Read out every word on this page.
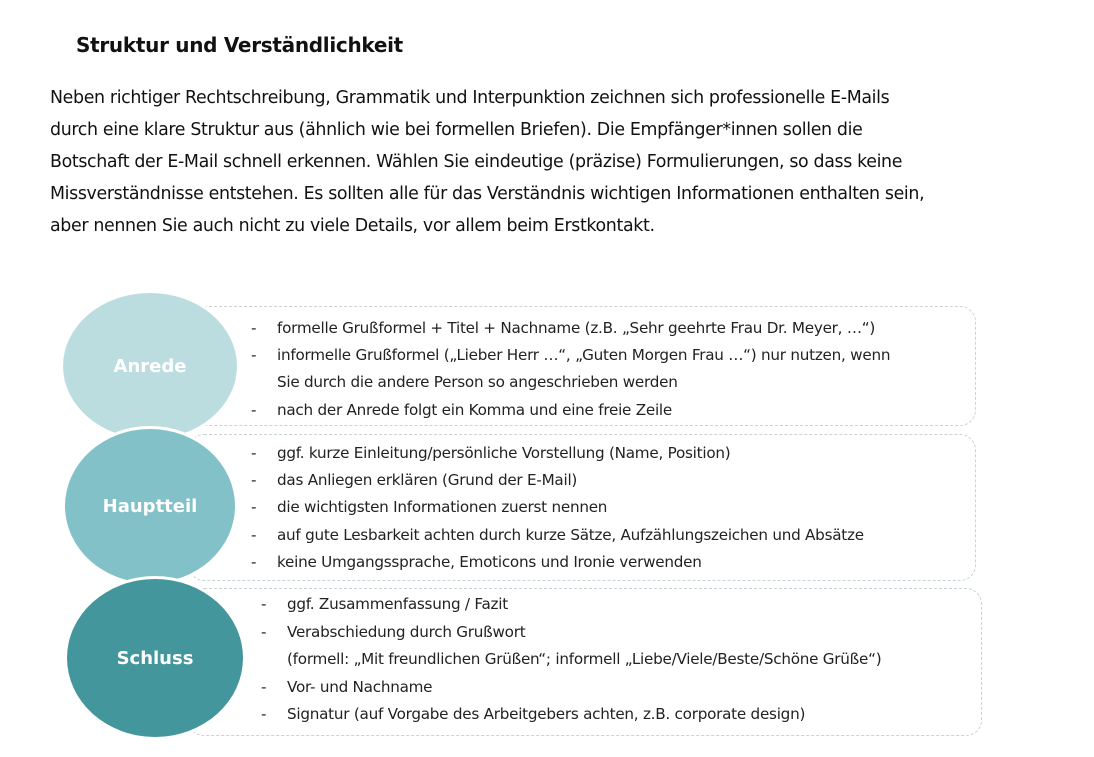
Struktur und Verständlichkeit
Neben richtiger Rechtschreibung, Grammatik und Interpunktion zeichnen sich professionelle E-Mails
durch eine klare Struktur aus (ähnlich wie bei formellen Briefen). Die Empfänger*innen sollen die
Botschaft der E-Mail schnell erkennen. Wählen Sie eindeutige (präzise) Formulierungen, so dass keine
Missverständnisse entstehen. Es sollten alle für das Verständnis wichtigen Informationen enthalten sein,
aber nennen Sie auch nicht zu viele Details, vor allem beim Erstkontakt.
- formelle Grußformel + Titel + Nachname (z.B. „Sehr geehrte Frau Dr. Meyer, …“)
- informelle Grußformel („Lieber Herr …“, „Guten Morgen Frau …“) nur nutzen, wenn
Sie durch die andere Person so angeschrieben werden
- nach der Anrede folgt ein Komma und eine freie Zeile
- ggf. kurze Einleitung/persönliche Vorstellung (Name, Position)
- das Anliegen erklären (Grund der E-Mail)
- die wichtigsten Informationen zuerst nennen
- auf gute Lesbarkeit achten durch kurze Sätze, Aufzählungszeichen und Absätze
- keine Umgangssprache, Emoticons und Ironie verwenden
- ggf. Zusammenfassung / Fazit
- Verabschiedung durch Grußwort
(formell: „Mit freundlichen Grüßen“; informell „Liebe/Viele/Beste/Schöne Grüße“)
- Vor- und Nachname
- Signatur (auf Vorgabe des Arbeitgebers achten, z.B. corporate design)
Anrede
Hauptteil
Schluss
